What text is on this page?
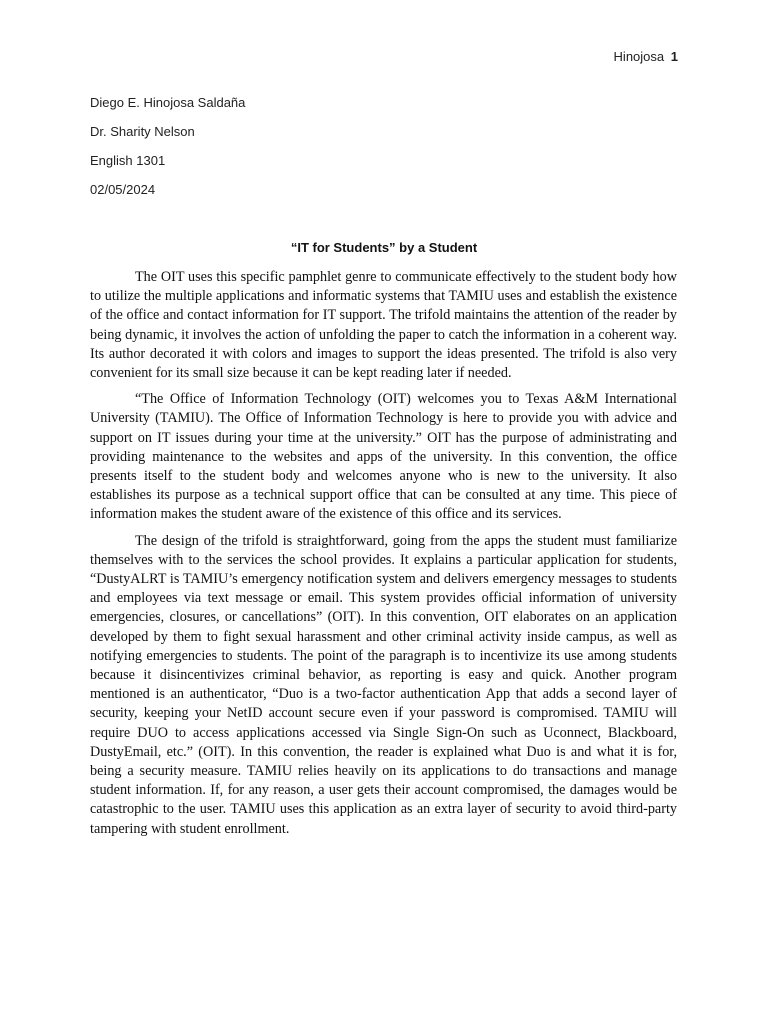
Hinojosa 1
Diego E. Hinojosa Saldaña
Dr. Sharity Nelson
English 1301
02/05/2024
“IT for Students” by a Student

The OIT uses this specific pamphlet genre to communicate effectively to the student body how to utilize the multiple applications and informatic systems that TAMIU uses and establish the existence of the office and contact information for IT support. The trifold maintains the attention of the reader by being dynamic, it involves the action of unfolding the paper to catch the information in a coherent way. Its author decorated it with colors and images to support the ideas presented. The trifold is also very convenient for its small size because it can be kept reading later if needed.

“The Office of Information Technology (OIT) welcomes you to Texas A&M International University (TAMIU). The Office of Information Technology is here to provide you with advice and support on IT issues during your time at the university.” OIT has the purpose of administrating and providing maintenance to the websites and apps of the university. In this convention, the office presents itself to the student body and welcomes anyone who is new to the university. It also establishes its purpose as a technical support office that can be consulted at any time. This piece of information makes the student aware of the existence of this office and its services.

The design of the trifold is straightforward, going from the apps the student must familiarize themselves with to the services the school provides. It explains a particular application for students, “DustyALRT is TAMIU’s emergency notification system and delivers emergency messages to students and employees via text message or email. This system provides official information of university emergencies, closures, or cancellations” (OIT). In this convention, OIT elaborates on an application developed by them to fight sexual harassment and other criminal activity inside campus, as well as notifying emergencies to students. The point of the paragraph is to incentivize its use among students because it disincentivizes criminal behavior, as reporting is easy and quick. Another program mentioned is an authenticator, “Duo is a two-factor authentication App that adds a second layer of security, keeping your NetID account secure even if your password is compromised. TAMIU will require DUO to access applications accessed via Single Sign-On such as Uconnect, Blackboard, DustyEmail, etc.” (OIT). In this convention, the reader is explained what Duo is and what it is for, being a security measure. TAMIU relies heavily on its applications to do transactions and manage student information. If, for any reason, a user gets their account compromised, the damages would be catastrophic to the user. TAMIU uses this application as an extra layer of security to avoid third-party tampering with student enrollment.
